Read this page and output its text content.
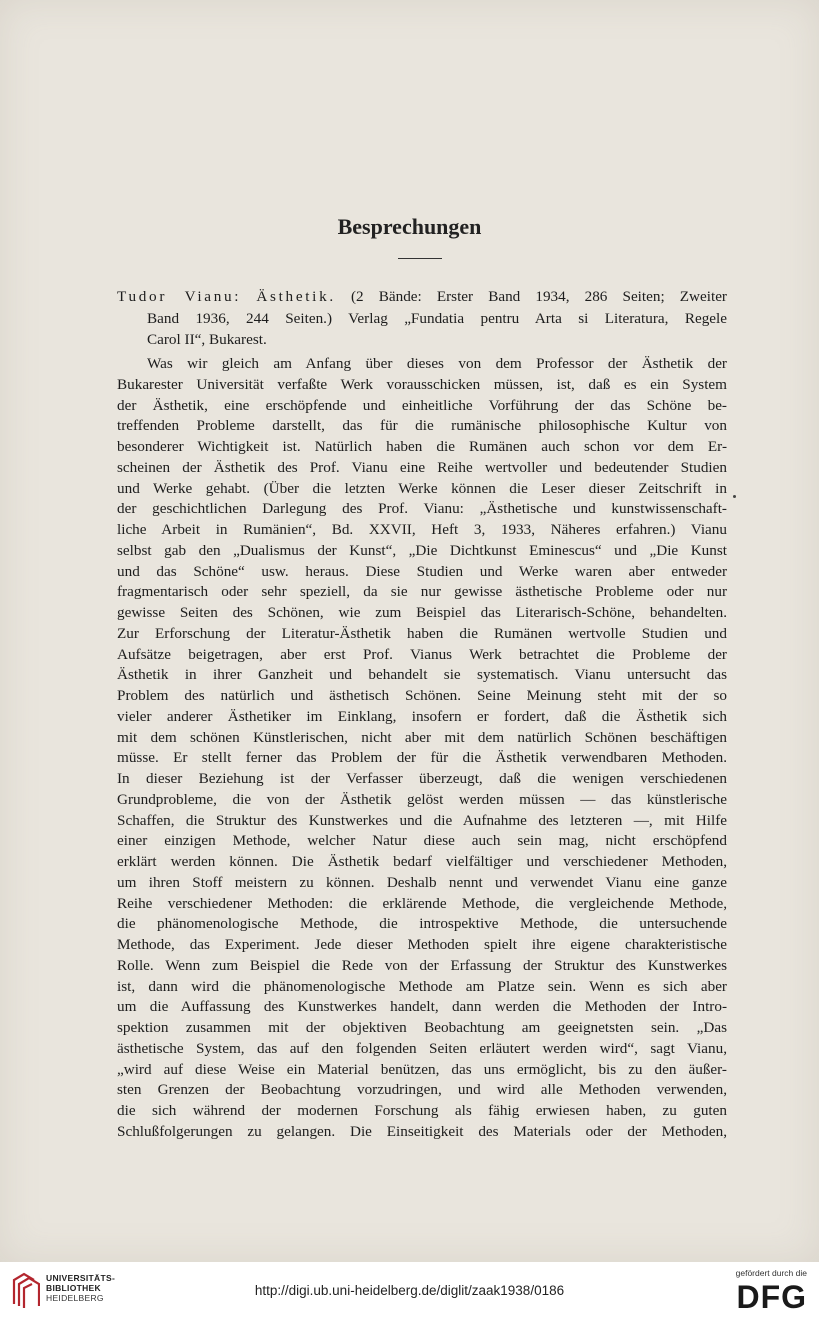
Besprechungen
Tudor Vianu: Ästhetik. (2 Bände: Erster Band 1934, 286 Seiten; Zweiter
Band 1936, 244 Seiten.) Verlag „Fundatia pentru Arta si Literatura, Regele
Carol II“, Bukarest.
Was wir gleich am Anfang über dieses von dem Professor der Ästhetik der
Bukarester Universität verfaßte Werk vorausschicken müssen, ist, daß es ein System
der Ästhetik, eine erschöpfende und einheitliche Vorführung der das Schöne be-
treffenden Probleme darstellt, das für die rumänische philosophische Kultur von
besonderer Wichtigkeit ist. Natürlich haben die Rumänen auch schon vor dem Er-
scheinen der Ästhetik des Prof. Vianu eine Reihe wertvoller und bedeutender Studien
und Werke gehabt. (Über die letzten Werke können die Leser dieser Zeitschrift in
der geschichtlichen Darlegung des Prof. Vianu: „Ästhetische und kunstwissenschaft-
liche Arbeit in Rumänien“, Bd. XXVII, Heft 3, 1933, Näheres erfahren.) Vianu
selbst gab den „Dualismus der Kunst“, „Die Dichtkunst Eminescus“ und „Die Kunst
und das Schöne“ usw. heraus. Diese Studien und Werke waren aber entweder
fragmentarisch oder sehr speziell, da sie nur gewisse ästhetische Probleme oder nur
gewisse Seiten des Schönen, wie zum Beispiel das Literarisch-Schöne, behandelten.
Zur Erforschung der Literatur-Ästhetik haben die Rumänen wertvolle Studien und
Aufsätze beigetragen, aber erst Prof. Vianus Werk betrachtet die Probleme der
Ästhetik in ihrer Ganzheit und behandelt sie systematisch. Vianu untersucht das
Problem des natürlich und ästhetisch Schönen. Seine Meinung steht mit der so
vieler anderer Ästhetiker im Einklang, insofern er fordert, daß die Ästhetik sich
mit dem schönen Künstlerischen, nicht aber mit dem natürlich Schönen beschäftigen
müsse. Er stellt ferner das Problem der für die Ästhetik verwendbaren Methoden.
In dieser Beziehung ist der Verfasser überzeugt, daß die wenigen verschiedenen
Grundprobleme, die von der Ästhetik gelöst werden müssen — das künstlerische
Schaffen, die Struktur des Kunstwerkes und die Aufnahme des letzteren —, mit Hilfe
einer einzigen Methode, welcher Natur diese auch sein mag, nicht erschöpfend
erklärt werden können. Die Ästhetik bedarf vielfältiger und verschiedener Methoden,
um ihren Stoff meistern zu können. Deshalb nennt und verwendet Vianu eine ganze
Reihe verschiedener Methoden: die erklärende Methode, die vergleichende Methode,
die phänomenologische Methode, die introspektive Methode, die untersuchende
Methode, das Experiment. Jede dieser Methoden spielt ihre eigene charakteristische
Rolle. Wenn zum Beispiel die Rede von der Erfassung der Struktur des Kunstwerkes
ist, dann wird die phänomenologische Methode am Platze sein. Wenn es sich aber
um die Auffassung des Kunstwerkes handelt, dann werden die Methoden der Intro-
spektion zusammen mit der objektiven Beobachtung am geeignetsten sein. „Das
ästhetische System, das auf den folgenden Seiten erläutert werden wird“, sagt Vianu,
„wird auf diese Weise ein Material benützen, das uns ermöglicht, bis zu den äußer-
sten Grenzen der Beobachtung vorzudringen, und wird alle Methoden verwenden,
die sich während der modernen Forschung als fähig erwiesen haben, zu guten
Schlußfolgerungen zu gelangen. Die Einseitigkeit des Materials oder der Methoden,
UNIVERSITÄTS-
BIBLIOTHEK
HEIDELBERG	http://digi.ub.uni-heidelberg.de/diglit/zaak1938/0186
gefördert durch die
DFG
